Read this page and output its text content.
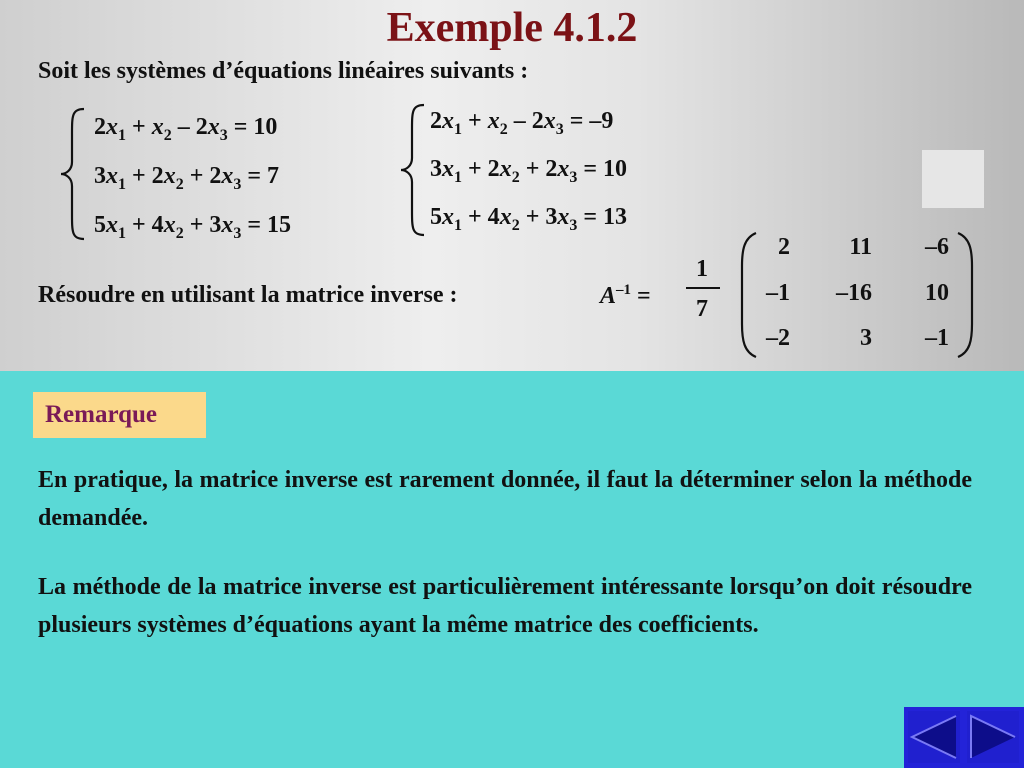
Exemple 4.1.2
Soit les systèmes d’équations linéaires suivants :
$2x_1 + x_2 - 2x_3 = 10$
$3x_1 + 2x_2 + 2x_3 = 7$
$5x_1 + 4x_2 + 3x_3 = 15$
$2x_1 + x_2 - 2x_3 = -9$
$3x_1 + 2x_2 + 2x_3 = 10$
$5x_1 + 4x_2 + 3x_3 = 13$
Résoudre en utilisant la matrice inverse :	$A^{-1}$ =
1
7
2	11	–6
–1	–16	10
–2	3	–1
Remarque
En pratique, la matrice inverse est rarement donnée, il faut la déterminer selon la méthode demandée.
La méthode de la matrice inverse est particulièrement intéressante lorsqu’on doit résoudre plusieurs systèmes d’équations ayant la même matrice des coefficients.
